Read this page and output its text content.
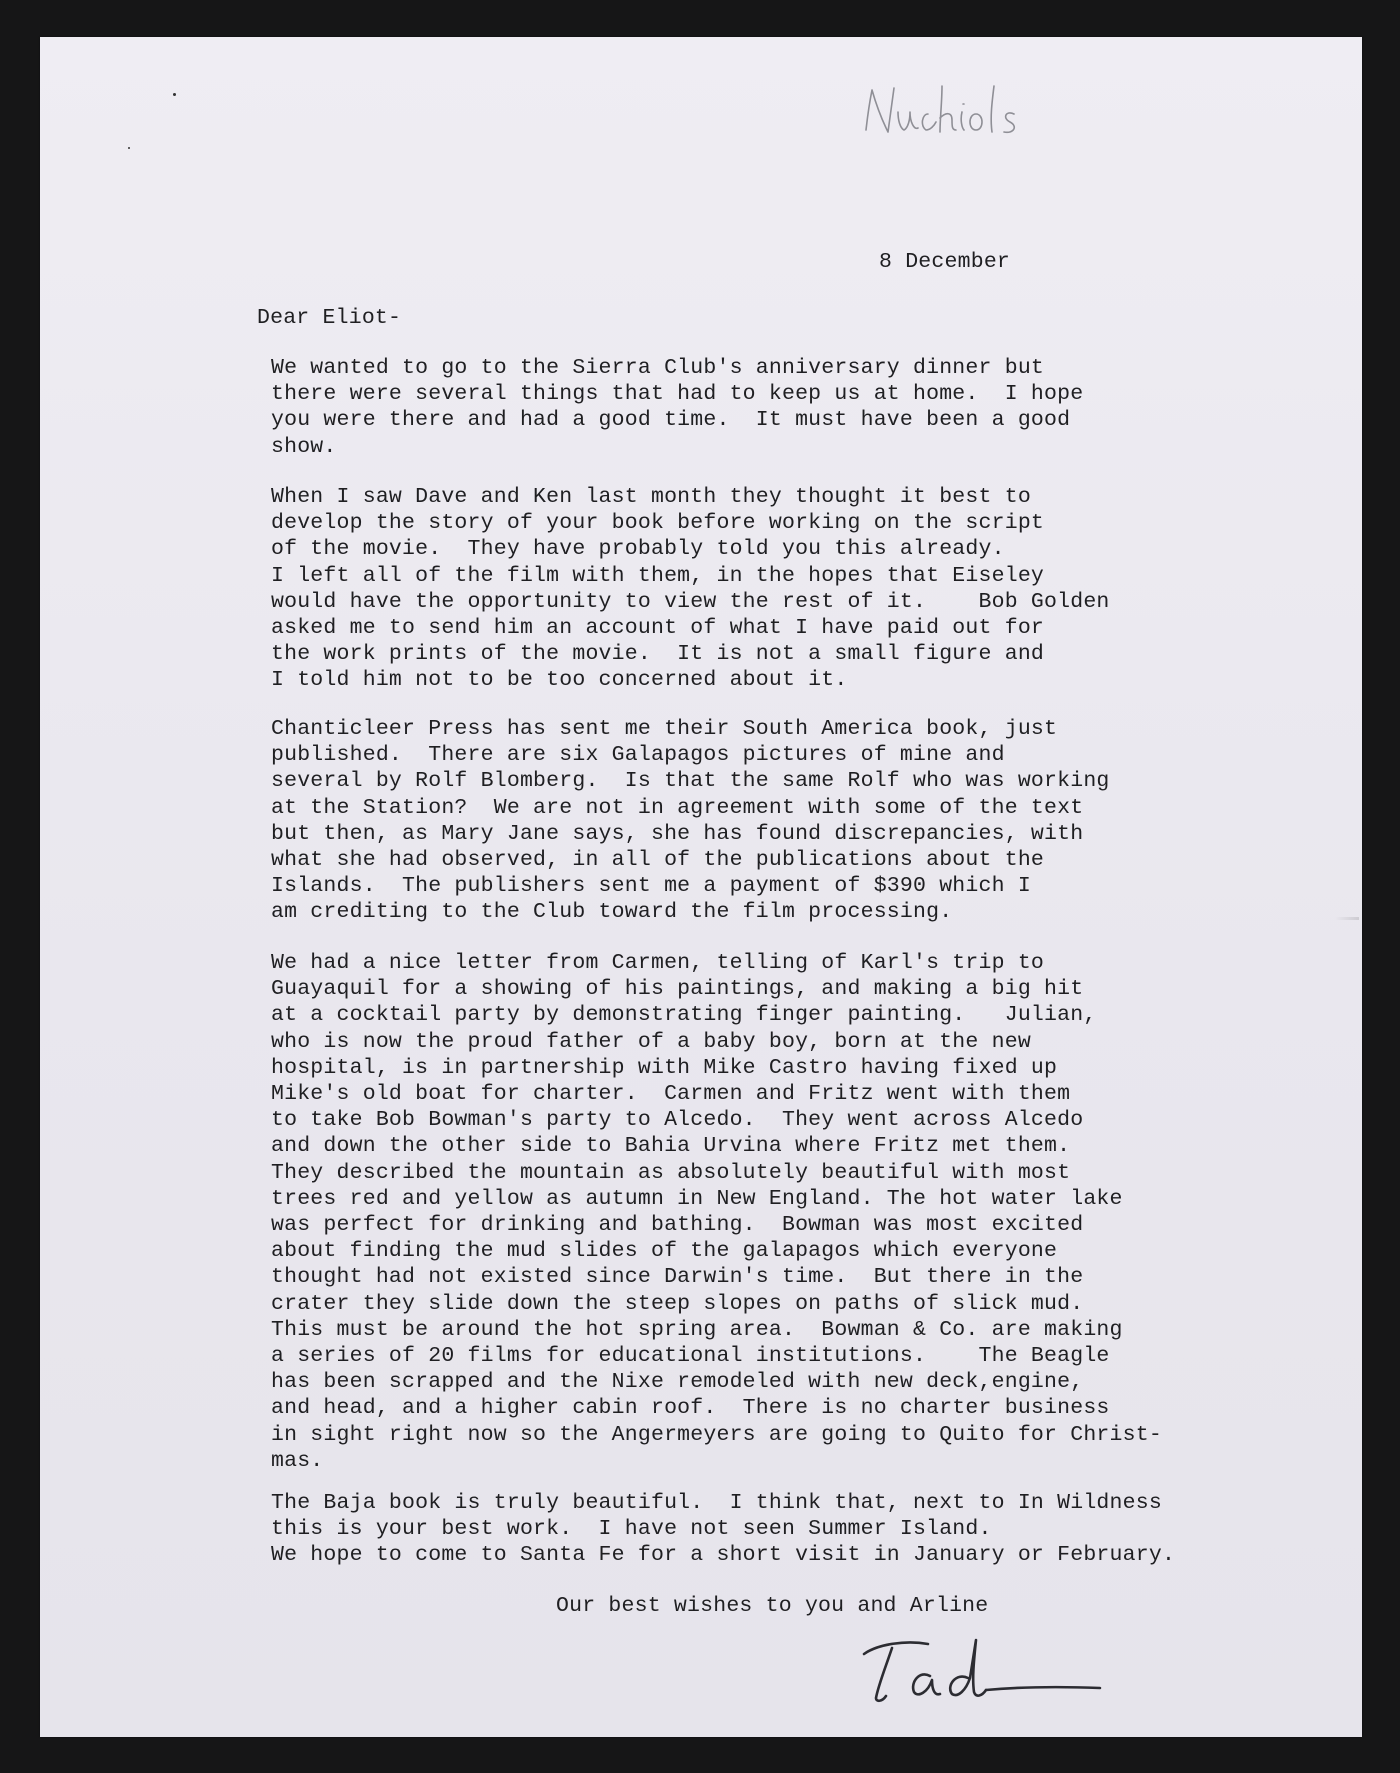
8 December
Dear Eliot-

We wanted to go to the Sierra Club's anniversary dinner but
there were several things that had to keep us at home.  I hope
you were there and had a good time.  It must have been a good
show.

When I saw Dave and Ken last month they thought it best to
develop the story of your book before working on the script
of the movie.  They have probably told you this already.
I left all of the film with them, in the hopes that Eiseley
would have the opportunity to view the rest of it.    Bob Golden
asked me to send him an account of what I have paid out for
the work prints of the movie.  It is not a small figure and
I told him not to be too concerned about it.

Chanticleer Press has sent me their South America book, just
published.  There are six Galapagos pictures of mine and
several by Rolf Blomberg.  Is that the same Rolf who was working
at the Station?  We are not in agreement with some of the text
but then, as Mary Jane says, she has found discrepancies, with
what she had observed, in all of the publications about the
Islands.  The publishers sent me a payment of $390 which I
am crediting to the Club toward the film processing.

We had a nice letter from Carmen, telling of Karl's trip to
Guayaquil for a showing of his paintings, and making a big hit
at a cocktail party by demonstrating finger painting.   Julian,
who is now the proud father of a baby boy, born at the new
hospital, is in partnership with Mike Castro having fixed up
Mike's old boat for charter.  Carmen and Fritz went with them
to take Bob Bowman's party to Alcedo.  They went across Alcedo
and down the other side to Bahia Urvina where Fritz met them.
They described the mountain as absolutely beautiful with most
trees red and yellow as autumn in New England. The hot water lake
was perfect for drinking and bathing.  Bowman was most excited
about finding the mud slides of the galapagos which everyone
thought had not existed since Darwin's time.  But there in the
crater they slide down the steep slopes on paths of slick mud.
This must be around the hot spring area.  Bowman & Co. are making
a series of 20 films for educational institutions.    The Beagle
has been scrapped and the Nixe remodeled with new deck,engine,
and head, and a higher cabin roof.  There is no charter business
in sight right now so the Angermeyers are going to Quito for Christ-
mas.

The Baja book is truly beautiful.  I think that, next to In Wildness
this is your best work.  I have not seen Summer Island.
We hope to come to Santa Fe for a short visit in January or February.

Our best wishes to you and Arline
